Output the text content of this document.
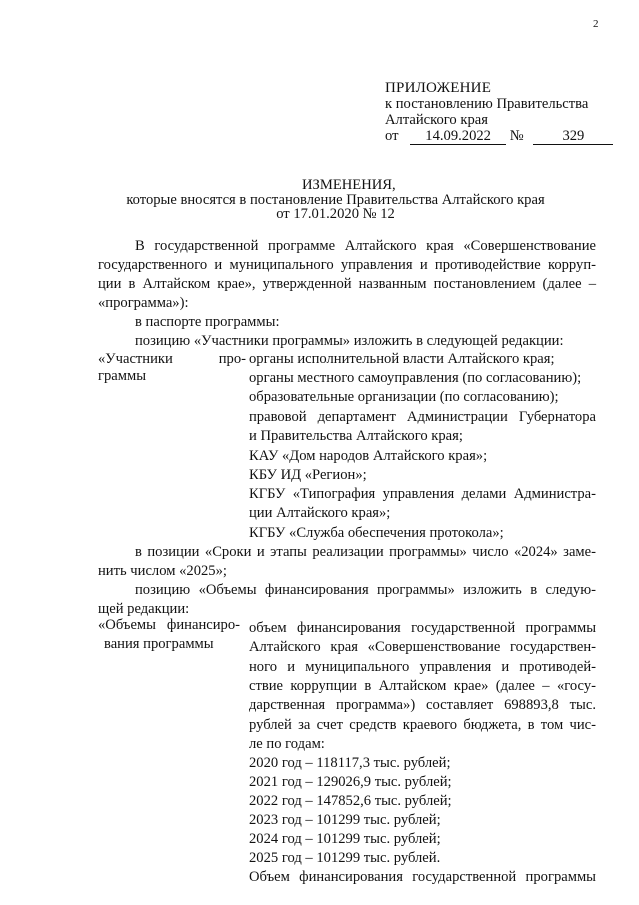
2
ПРИЛОЖЕНИЕ
к постановлению Правительства
Алтайского края
от 14.09.2022 №	329
ИЗМЕНЕНИЯ,
которые вносятся в постановление Правительства Алтайского края
от 17.01.2020 № 12
В государственной программе Алтайского края «Совершенствование
государственного и муниципального управления и противодействие корруп-
ции в Алтайском крае», утвержденной названным постановлением (далее –
«программа»):
в паспорте программы:
позицию «Участники программы» изложить в следующей редакции:
«Участники про-
граммы
органы исполнительной власти Алтайского края;
органы местного самоуправления (по согласованию);
образовательные организации (по согласованию);
правовой департамент Администрации Губернатора
и Правительства Алтайского края;
КАУ «Дом народов Алтайского края»;
КБУ ИД «Регион»;
КГБУ «Типография управления делами Администра-
ции Алтайского края»;
КГБУ «Служба обеспечения протокола»;
в позиции «Сроки и этапы реализации программы» число «2024» заме-
нить числом «2025»;
позицию «Объемы финансирования программы» изложить в следую-
щей редакции:
«Объемы финансиро-
вания программы
объем финансирования государственной программы
Алтайского края «Совершенствование государствен-
ного и муниципального управления и противодей-
ствие коррупции в Алтайском крае» (далее – «госу-
дарственная программа») составляет 698893,8 тыс.
рублей за счет средств краевого бюджета, в том чис-
ле по годам:
2020 год – 118117,3 тыс. рублей;
2021 год – 129026,9 тыс. рублей;
2022 год – 147852,6 тыс. рублей;
2023 год – 101299 тыс. рублей;
2024 год – 101299 тыс. рублей;
2025 год – 101299 тыс. рублей.
Объем финансирования государственной программы
